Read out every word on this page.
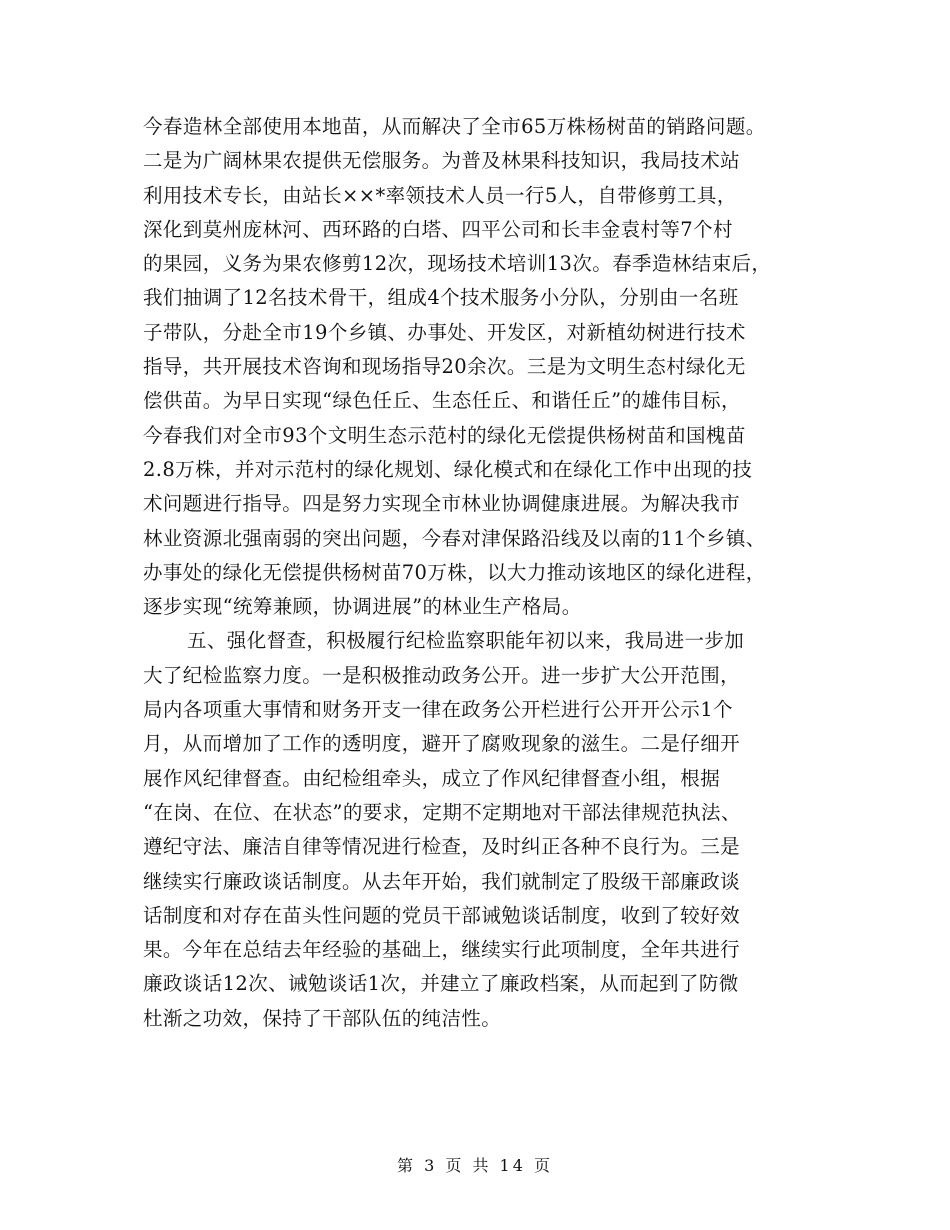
今春造林全部使用本地苗，从而解决了全市65万株杨树苗的销路问题。
二是为广阔林果农提供无偿服务。为普及林果科技知识，我局技术站
利用技术专长，由站长××*率领技术人员一行5人，自带修剪工具，
深化到莫州庞林河、西环路的白塔、四平公司和长丰金袁村等7个村
的果园，义务为果农修剪12次，现场技术培训13次。春季造林结束后，
我们抽调了12名技术骨干，组成4个技术服务小分队，分别由一名班
子带队，分赴全市19个乡镇、办事处、开发区，对新植幼树进行技术
指导，共开展技术咨询和现场指导20余次。三是为文明生态村绿化无
偿供苗。为早日实现“绿色任丘、生态任丘、和谐任丘”的雄伟目标，
今春我们对全市93个文明生态示范村的绿化无偿提供杨树苗和国槐苗
2.8万株，并对示范村的绿化规划、绿化模式和在绿化工作中出现的技
术问题进行指导。四是努力实现全市林业协调健康进展。为解决我市
林业资源北强南弱的突出问题，今春对津保路沿线及以南的11个乡镇、
办事处的绿化无偿提供杨树苗70万株，以大力推动该地区的绿化进程，
逐步实现“统筹兼顾，协调进展”的林业生产格局。
五、强化督查，积极履行纪检监察职能年初以来，我局进一步加
大了纪检监察力度。一是积极推动政务公开。进一步扩大公开范围，
局内各项重大事情和财务开支一律在政务公开栏进行公开开公示1个
月，从而增加了工作的透明度，避开了腐败现象的滋生。二是仔细开
展作风纪律督查。由纪检组牵头，成立了作风纪律督查小组，根据
“在岗、在位、在状态”的要求，定期不定期地对干部法律规范执法、
遵纪守法、廉洁自律等情况进行检查，及时纠正各种不良行为。三是
继续实行廉政谈话制度。从去年开始，我们就制定了股级干部廉政谈
话制度和对存在苗头性问题的党员干部诫勉谈话制度，收到了较好效
果。今年在总结去年经验的基础上，继续实行此项制度，全年共进行
廉政谈话12次、诫勉谈话1次，并建立了廉政档案，从而起到了防微
杜渐之功效，保持了干部队伍的纯洁性。
第 3 页 共 14 页
